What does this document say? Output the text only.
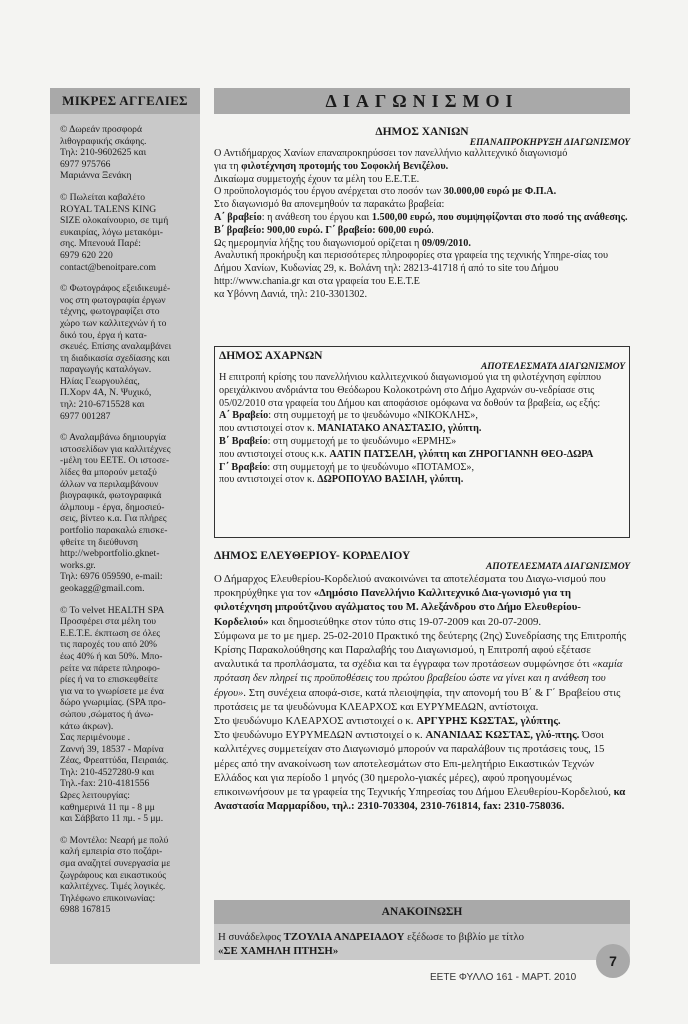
ΜΙΚΡΕΣ ΑΓΓΕΛΙΕΣ
© Δωρεάν προσφορά
λιθογραφικής σκάφης.
Τηλ: 210-9602625 και
6977 975766
Μαριάννα Ξενάκη
© Πωλείται καβαλέτο
ROYAL TALENS KING
SIZE ολοκαίνουριο, σε τιμή
ευκαιρίας, λόγω μετακόμι-
σης. Μπενουά Παρέ:
6979 620 220
contact@benoitpare.com
© Φωτογράφος εξειδικευμέ-
νος στη φωτογραφία έργων
τέχνης, φωτογραφίζει στο
χώρο των καλλιτεχνών ή το
δικό του, έργα ή κατα-
σκευές. Επίσης αναλαμβάνει
τη διαδικασία σχεδίασης και
παραγωγής καταλόγων.
Ηλίας Γεωργουλέας,
Π.Χορν 4Α, Ν. Ψυχικό,
τηλ: 210-6715528 και
6977 001287
© Αναλαμβάνω δημιουργία
ιστοσελίδων για καλλιτέχνες
-μέλη του ΕΕΤΕ. Οι ιστοσε-
λίδες θα μπορούν μεταξύ
άλλων να περιλαμβάνουν
βιογραφικά, φωτογραφικά
άλμπουμ - έργα, δημοσιεύ-
σεις, βίντεο κ.α. Για πλήρες
portfolio παρακαλώ επισκε-
φθείτε τη διεύθυνση
http://webportfolio.gknet-
works.gr.
Τηλ: 6976 059590, e-mail:
geokagg@gmail.com.
© Το velvet HEALTH SPA
Προσφέρει στα μέλη του
Ε.Ε.Τ.Ε. έκπτωση σε όλες
τις παροχές του από 20%
έως 40% ή και 50%. Μπο-
ρείτε να πάρετε πληροφο-
ρίες ή να το επισκεφθείτε
για να το γνωρίσετε με ένα
δώρο γνωριμίας. (SPA προ-
σώπου ,σώματος ή άνω-
κάτω άκρων).
Σας περιμένουμε .
Ζαννή 39, 18537 - Μαρίνα
Ζέας, Φρεαττύδα, Πειραιάς.
Τηλ: 210-4527280-9 και
Τηλ.-fax: 210-4181556
Ωρες λειτουργίας:
καθημερινά 11 πμ - 8 μμ
και Σάββατο 11 πμ. - 5 μμ.
© Μοντέλο: Νεαρή με πολύ
καλή εμπειρία στο ποζάρι-
σμα αναζητεί συνεργασία με
ζωγράφους και εικαστικούς
καλλιτέχνες. Τιμές λογικές.
Τηλέφωνο επικοινωνίας:
6988 167815
ΔΙΑΓΩΝΙΣΜΟΙ

ΔΗΜΟΣ ΧΑΝΙΩΝ

ΕΠΑΝΑΠΡΟΚΗΡΥΞΗ ΔΙΑΓΩΝΙΣΜΟΥ

Ο Αντιδήμαρχος Χανίων επαναπροκηρύσσει τον πανελλήνιο καλλιτεχνικό διαγωνισμό

για τη φιλοτέχνηση προτομής του Σοφοκλή Βενιζέλου.

Δικαίωμα συμμετοχής έχουν τα μέλη του Ε.Ε.Τ.Ε.

Ο προϋπολογισμός του έργου ανέρχεται στο ποσόν των 30.000,00 ευρώ με Φ.Π.Α.

Στο διαγωνισμό θα απονεμηθούν τα παρακάτω βραβεία:

Α΄ βραβείο: η ανάθεση του έργου και 1.500,00 ευρώ, που συμψηφίζονται στο ποσό της ανάθεσης. Β΄ βραβείο: 900,00 ευρώ. Γ΄ βραβείο: 600,00 ευρώ.

Ως ημερομηνία λήξης του διαγωνισμού ορίζεται η 09/09/2010.

Αναλυτική προκήρυξη και περισσότερες πληροφορίες στα γραφεία της τεχνικής Υπηρε-σίας του Δήμου Χανίων, Κυδωνίας 29, κ. Βολάνη τηλ: 28213-41718 ή από το site του Δήμου http://www.chania.gr και στα γραφεία του Ε.Ε.Τ.Ε

κα Υβόννη Δανιά, τηλ: 210-3301302.

ΔΗΜΟΣ ΑΧΑΡΝΩΝ

ΑΠΟΤΕΛΕΣΜΑΤΑ ΔΙΑΓΩΝΙΣΜΟΥ

Η επιτροπή κρίσης του πανελλήνιου καλλιτεχνικού διαγωνισμού για τη φιλοτέχνηση εφίππου ορειχάλκινου ανδριάντα του Θεόδωρου Κολοκοτρώνη στο Δήμο Αχαρνών συ-νεδρίασε στις 05/02/2010 στα γραφεία του Δήμου και αποφάσισε ομόφωνα να δοθούν τα βραβεία, ως εξής:

Α΄ Βραβείο: στη συμμετοχή με το ψευδώνυμο «ΝΙΚΟΚΛΗΣ»,

που αντιστοιχεί στον κ. ΜΑΝΙΑΤΑΚΟ ΑΝΑΣΤΑΣΙΟ, γλύπτη.

Β΄ Βραβείο: στη συμμετοχή με το ψευδώνυμο «ΕΡΜΗΣ»

που αντιστοιχεί στους κ.κ. ΑΑΤΙΝ ΠΑΤΣΕΛΗ, γλύπτη και ΖΗΡΟΓΙΑΝΝΗ ΘΕΟ-ΔΩΡΑ

Γ΄ Βραβείο: στη συμμετοχή με το ψευδώνυμο «ΠΟΤΑΜΟΣ»,

που αντιστοιχεί στον κ. ΔΩΡΟΠΟΥΛΟ ΒΑΣΙΛΗ, γλύπτη.

ΔΗΜΟΣ ΕΛΕΥΘΕΡΙΟΥ- ΚΟΡΔΕΛΙΟΥ

ΑΠΟΤΕΛΕΣΜΑΤΑ ΔΙΑΓΩΝΙΣΜΟΥ

Ο Δήμαρχος Ελευθερίου-Κορδελιού ανακοινώνει τα αποτελέσματα του Διαγω-νισμού που προκηρύχθηκε για τον «Δημόσιο Πανελλήνιο Καλλιτεχνικό Δια-γωνισμό για τη φιλοτέχνηση μπρούτζινου αγάλματος του Μ. Αλεξάνδρου στο Δήμο Ελευθερίου-Κορδελιού» και δημοσιεύθηκε στον τύπο στις 19-07-2009 και 20-07-2009.

Σύμφωνα με το με ημερ. 25-02-2010 Πρακτικό της δεύτερης (2ης) Συνεδρίασης της Επιτροπής Κρίσης Παρακολούθησης και Παραλαβής του Διαγωνισμού, η Επιτροπή αφού εξέτασε αναλυτικά τα προπλάσματα, τα σχέδια και τα έγγραφα των προτάσεων συμφώνησε ότι «καμία πρόταση δεν πληρεί τις προϋποθέσεις του πρώτου βραβείου ώστε να γίνει και η ανάθεση του έργου». Στη συνέχεια αποφά-σισε, κατά πλειοψηφία, την απονομή του Β΄ & Γ΄ Βραβείου στις προτάσεις με τα ψευδώνυμα ΚΛΕΑΡΧΟΣ και ΕΥΡΥΜΕΔΩΝ, αντίστοιχα.

Στο ψευδώνυμο ΚΛΕΑΡΧΟΣ αντιστοιχεί ο κ. ΑΡΓΥΡΗΣ ΚΩΣΤΑΣ, γλύπτης.

Στο ψευδώνυμο ΕΥΡΥΜΕΔΩΝ αντιστοιχεί ο κ. ΑΝΑΝΙΔΑΣ ΚΩΣΤΑΣ, γλύ-πτης. Όσοι καλλιτέχνες συμμετείχαν στο Διαγωνισμό μπορούν να παραλάβουν τις προτάσεις τους, 15 μέρες από την ανακοίνωση των αποτελεσμάτων στο Επι-μελητήριο Εικαστικών Τεχνών Ελλάδος και για περίοδο 1 μηνός (30 ημερολο-γιακές μέρες), αφού προηγουμένως επικοινωνήσουν με τα γραφεία της Τεχνικής Υπηρεσίας του Δήμου Ελευθερίου-Κορδελιού, κα Αναστασία Μαρμαρίδου, τηλ.: 2310-703304, 2310-761814, fax: 2310-758036.

ΑΝΑΚΟΙΝΩΣΗ

Η συνάδελφος ΤΖΟΥΛΙΑ ΑΝΔΡΕΙΑΔΟΥ εξέδωσε το βιβλίο με τίτλο

«ΣΕ ΧΑΜΗΛΗ ΠΤΗΣΗ»

ΕΕΤΕ ΦΥΛΛΟ 161 - ΜΑΡΤ. 2010
7
